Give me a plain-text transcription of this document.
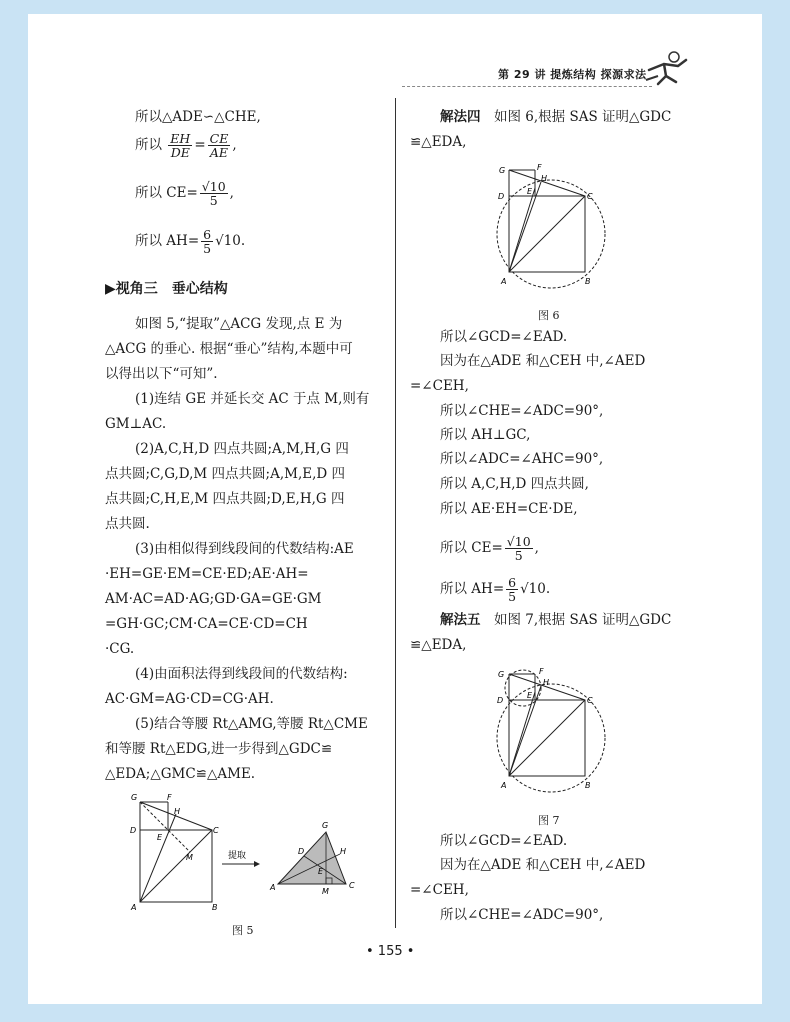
第 29 讲 提炼结构 探源求法
所以△ADE∽△CHE,
所以 $\frac{EH}{DE} = \frac{CE}{AE}$ ,
所以 $CE= \frac{√10}{5}$ ,
所以 $AH= \frac{6}{5} √10$.
▶视角三　垂心结构
如图 5,“提取”△ACG 发现,点 E 为
△ACG 的垂心. 根据“垂心”结构,本题中可
以得出以下“可知”.
(1)连结 GE 并延长交 AC 于点 M,则有
GM⊥AC.
(2)A,C,H,D 四点共圆;A,M,H,G 四
点共圆;C,G,D,M 四点共圆;A,M,E,D 四
点共圆;C,H,E,M 四点共圆;D,E,H,G 四
点共圆.
(3)由相似得到线段间的代数结构:AE
·EH=GE·EM=CE·ED;AE·AH=
AM·AC=AD·AG;GD·GA=GE·GM
=GH·GC;CM·CA=CE·CD=CH
·CG.
(4)由面积法得到线段间的代数结构:
AC·GM=AG·CD=CG·AH.
(5)结合等腰 Rt△AMG,等腰 Rt△CME
和等腰 Rt△EDG,进一步得到△GDC≌
△EDA;△GMC≌△AME.
G	F
H
D
E
C
M
A	B
提取
G
D	H
E
A	M
C
图 5
解法四　 如图 6,根据 SAS 证明△GDC
≌△EDA,
G	F
H
D
E
C
A	B
图 6
所以∠GCD=∠EAD.
因为在△ADE 和△CEH 中,∠AED
=∠CEH,
所以∠CHE=∠ADC=90°,
所以 AH⊥GC,
所以∠ADC=∠AHC=90°,
所以 A,C,H,D 四点共圆,
所以 AE·EH=CE·DE,
所以 $CE= \frac{√10}{5}$ ,
所以 $AH= \frac{6}{5} √10$.
解法五　 如图 7,根据 SAS 证明△GDC
≌△EDA,
G	F
H
D
E
C
A	B
图 7
所以∠GCD=∠EAD.
因为在△ADE 和△CEH 中,∠AED
=∠CEH,
所以∠CHE=∠ADC=90°,
• 155 •
